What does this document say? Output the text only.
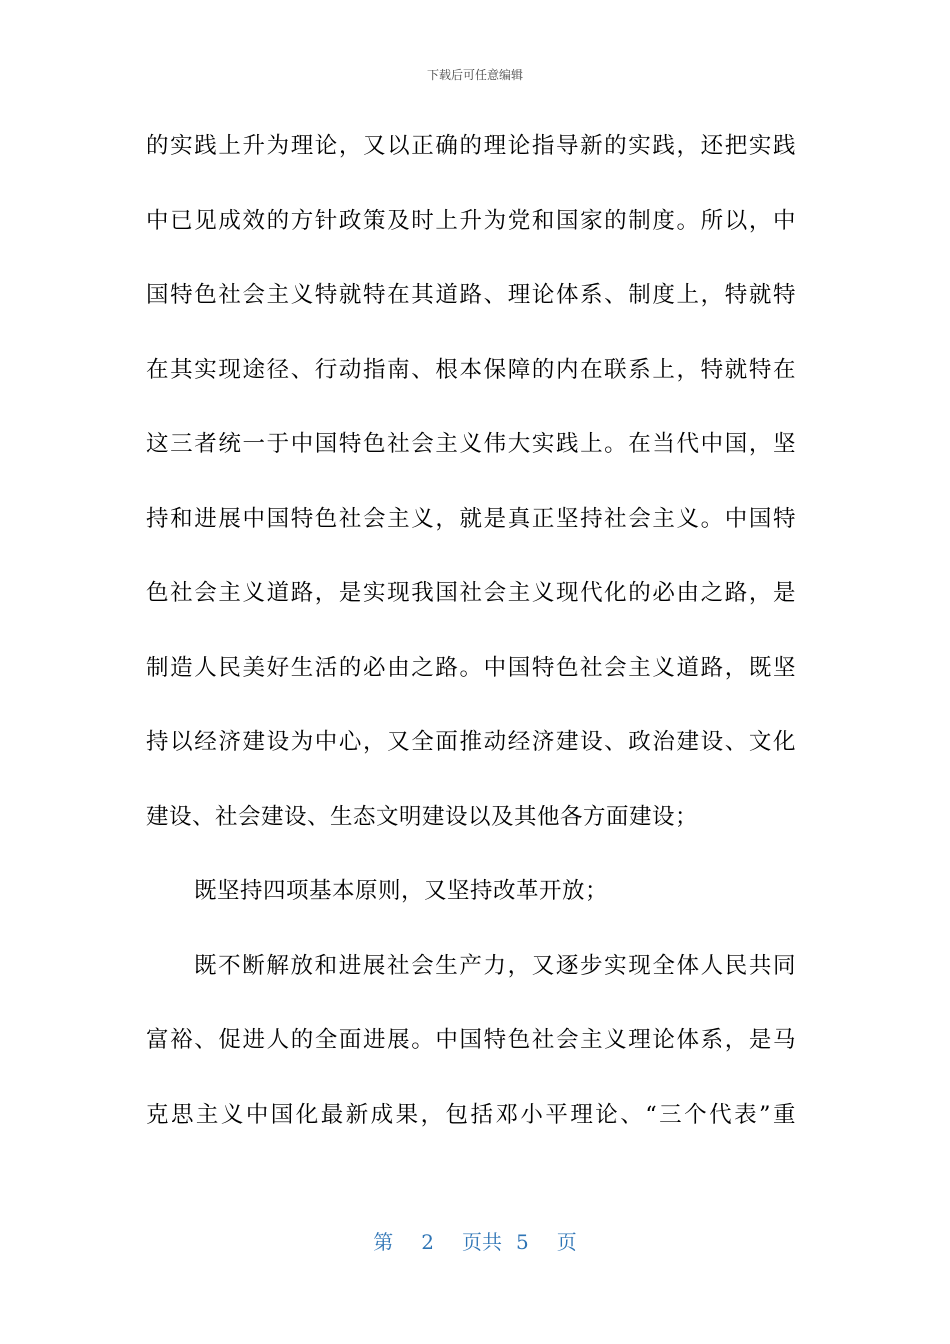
下载后可任意编辑
的实践上升为理论，又以正确的理论指导新的实践，还把实践
中已见成效的方针政策及时上升为党和国家的制度。所以，中
国特色社会主义特就特在其道路、理论体系、制度上，特就特
在其实现途径、行动指南、根本保障的内在联系上，特就特在
这三者统一于中国特色社会主义伟大实践上。在当代中国，坚
持和进展中国特色社会主义，就是真正坚持社会主义。中国特
色社会主义道路，是实现我国社会主义现代化的必由之路，是
制造人民美好生活的必由之路。中国特色社会主义道路，既坚
持以经济建设为中心，又全面推动经济建设、政治建设、文化
建设、社会建设、生态文明建设以及其他各方面建设；
既坚持四项基本原则，又坚持改革开放；
既不断解放和进展社会生产力，又逐步实现全体人民共同
富裕、促进人的全面进展。中国特色社会主义理论体系，是马
克思主义中国化最新成果，包括邓小平理论、“三个代表”重
第 2 页共 5 页
